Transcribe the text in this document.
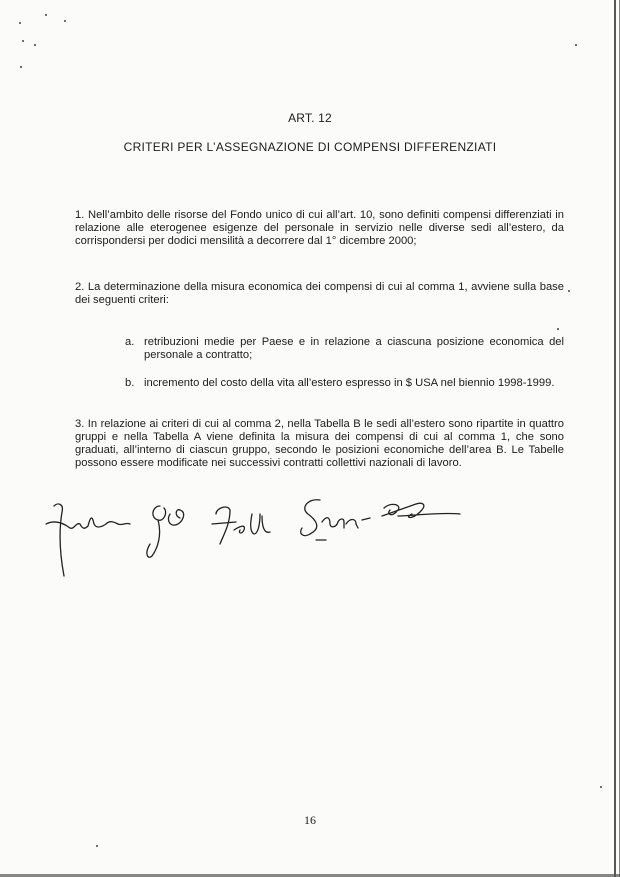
ART. 12
CRITERI PER L’ASSEGNAZIONE DI COMPENSI DIFFERENZIATI
1. Nell’ambito delle risorse del Fondo unico di cui all’art. 10, sono definiti compensi differenziati in relazione alle eterogenee esigenze del personale in servizio nelle diverse sedi all’estero, da corrispondersi per dodici mensilità a decorrere dal 1° dicembre 2000;
2. La determinazione della misura economica dei compensi di cui al comma 1, avviene sulla base dei seguenti criteri:
a. retribuzioni medie per Paese e in relazione a ciascuna posizione economica del personale a contratto;
b. incremento del costo della vita all’estero espresso in $ USA nel biennio 1998-1999.
3. In relazione ai criteri di cui al comma 2, nella Tabella B le sedi all’estero sono ripartite in quattro gruppi e nella Tabella A viene definita la misura dei compensi di cui al comma 1, che sono graduati, all’interno di ciascun gruppo, secondo le posizioni economiche dell’area B. Le Tabelle possono essere modificate nei successivi contratti collettivi nazionali di lavoro.
16
